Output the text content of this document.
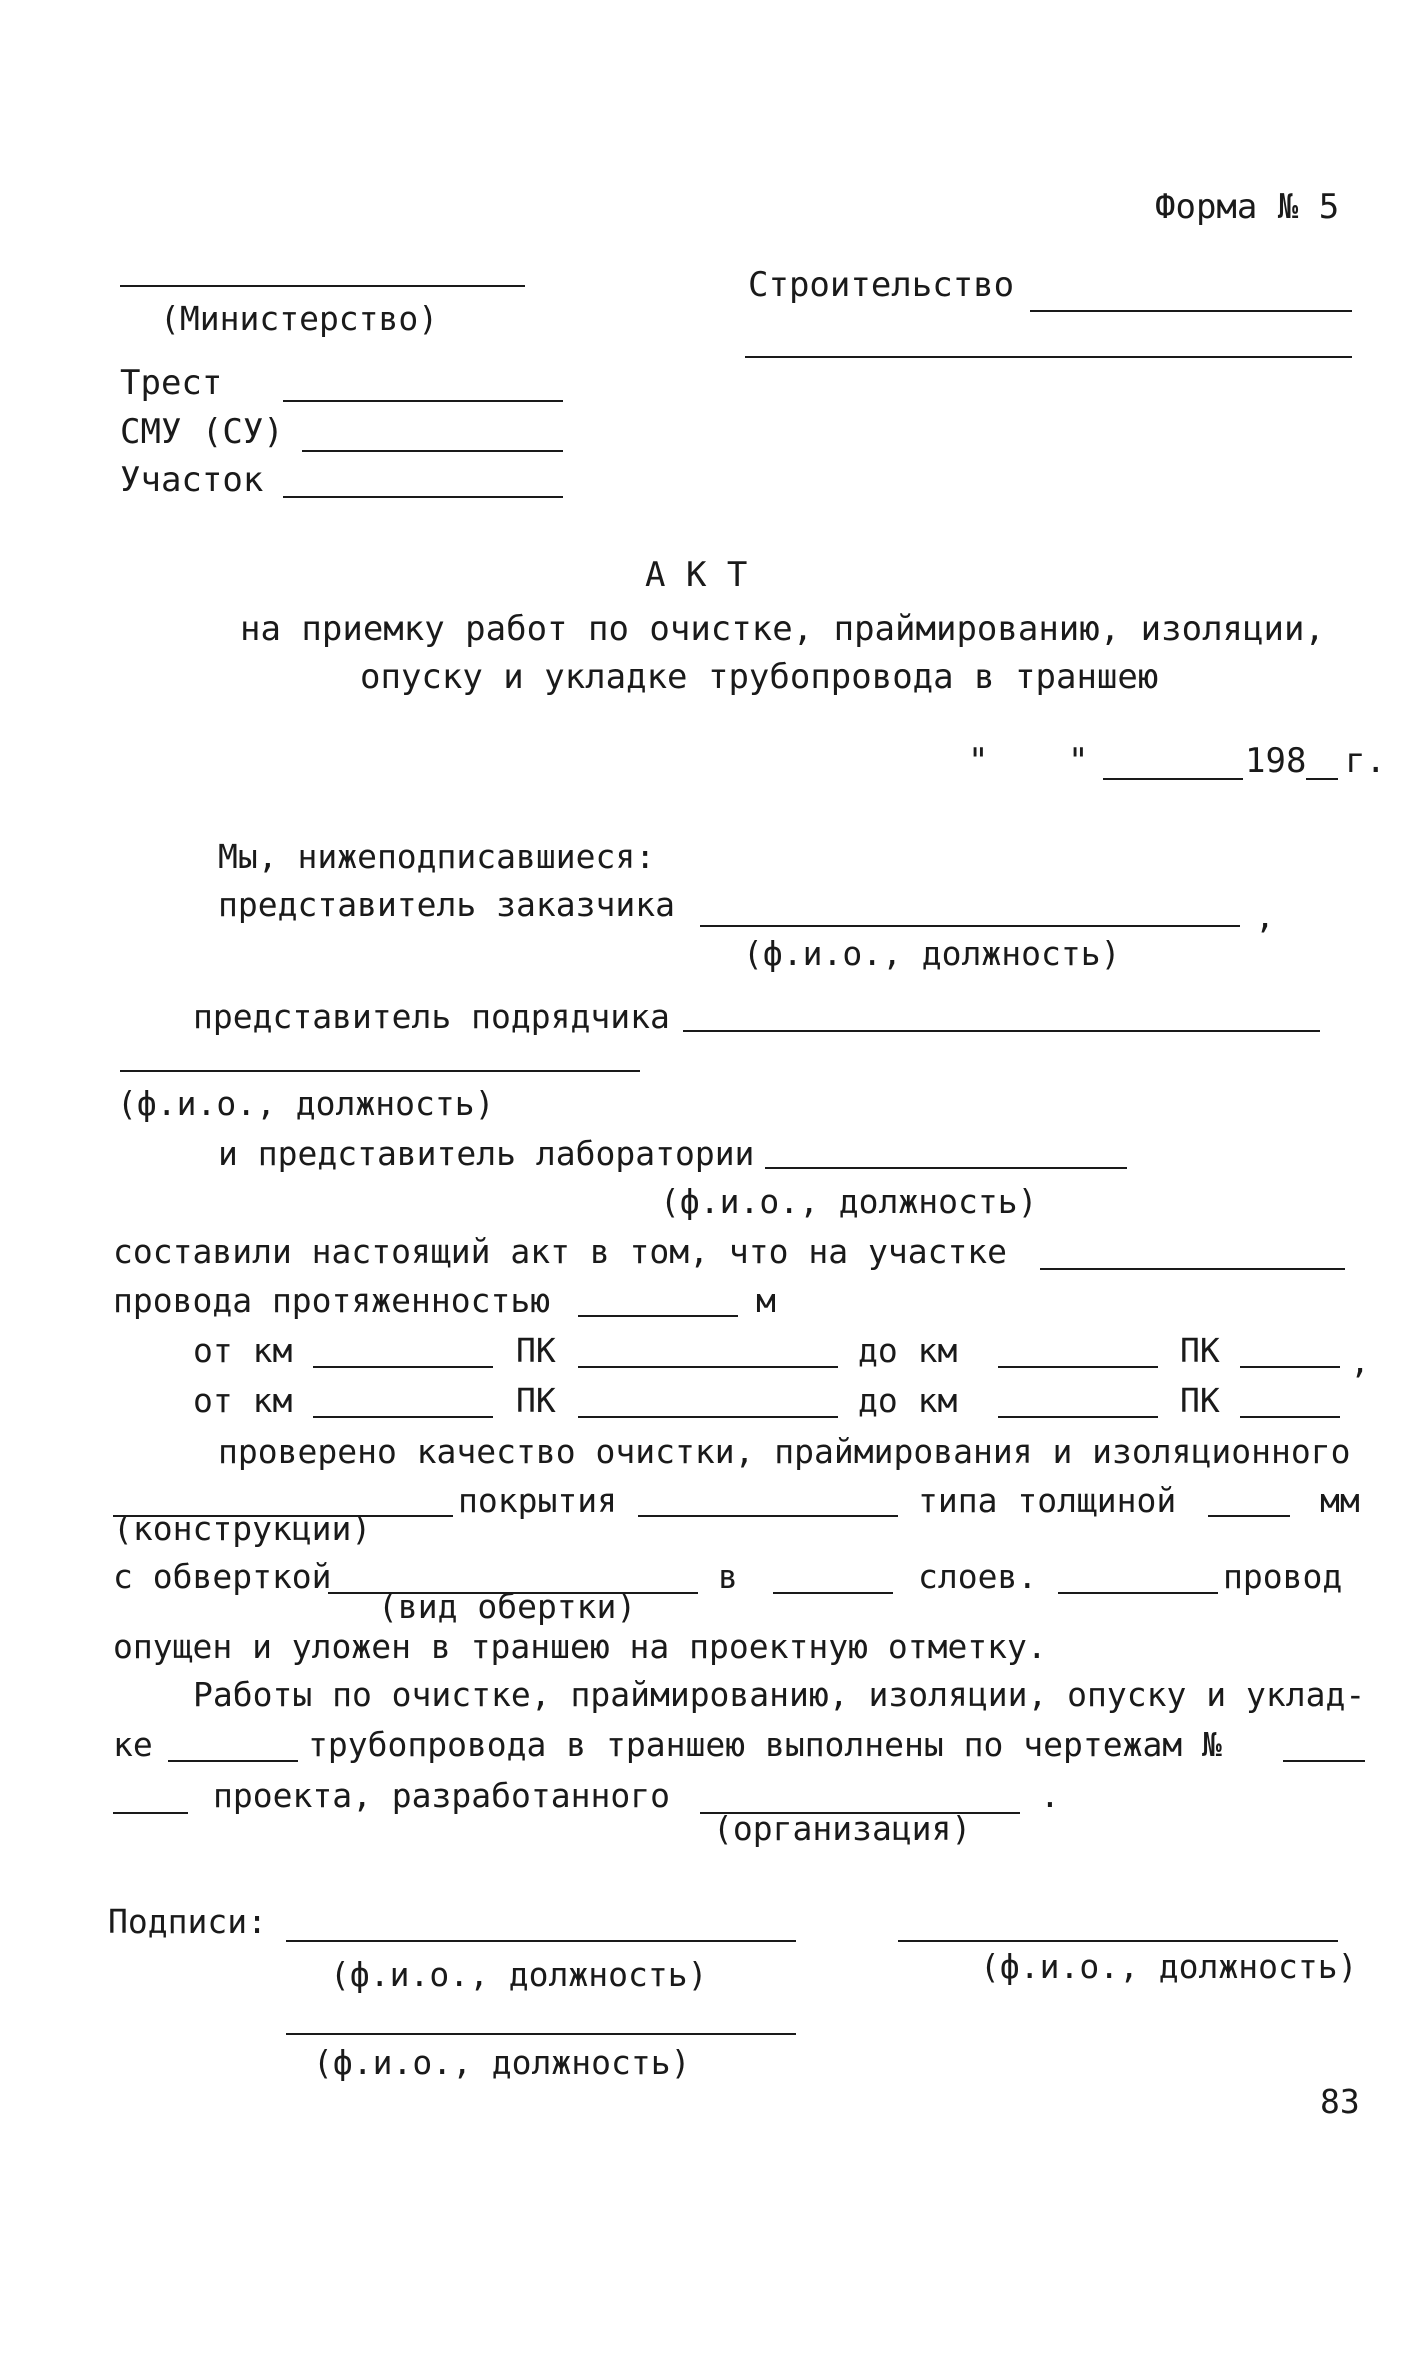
Форма № 5
(Министерство)
Строительство
Трест
СМУ (СУ)
Участок
А К Т
на приемку работ по очистке, праймированию, изоляции,
опуску и укладке трубопровода в траншею
" "	198 г.
Мы, нижеподписавшиеся:
представитель заказчика	,
(ф.и.о., должность)
представитель подрядчика
(ф.и.о., должность)
и представитель лаборатории
(ф.и.о., должность)
составили настоящий акт в том, что на участке
провода протяженностью	м
от км	ПК	до км	ПК	,
от км	ПК	до км	ПК
проверено качество очистки, праймирования и изоляционного
покрытия	типа толщиной	мм
(конструкции)
с обверткой	в	слоев.	провод
(вид обертки)
опущен и уложен в траншею на проектную отметку.
Работы по очистке, праймированию, изоляции, опуску и уклад-
ке	трубопровода в траншею выполнены по чертежам №
проекта, разработанного	.
(организация)
Подписи:
(ф.и.о., должность)	(ф.и.о., должность)
(ф.и.о., должность)
83
